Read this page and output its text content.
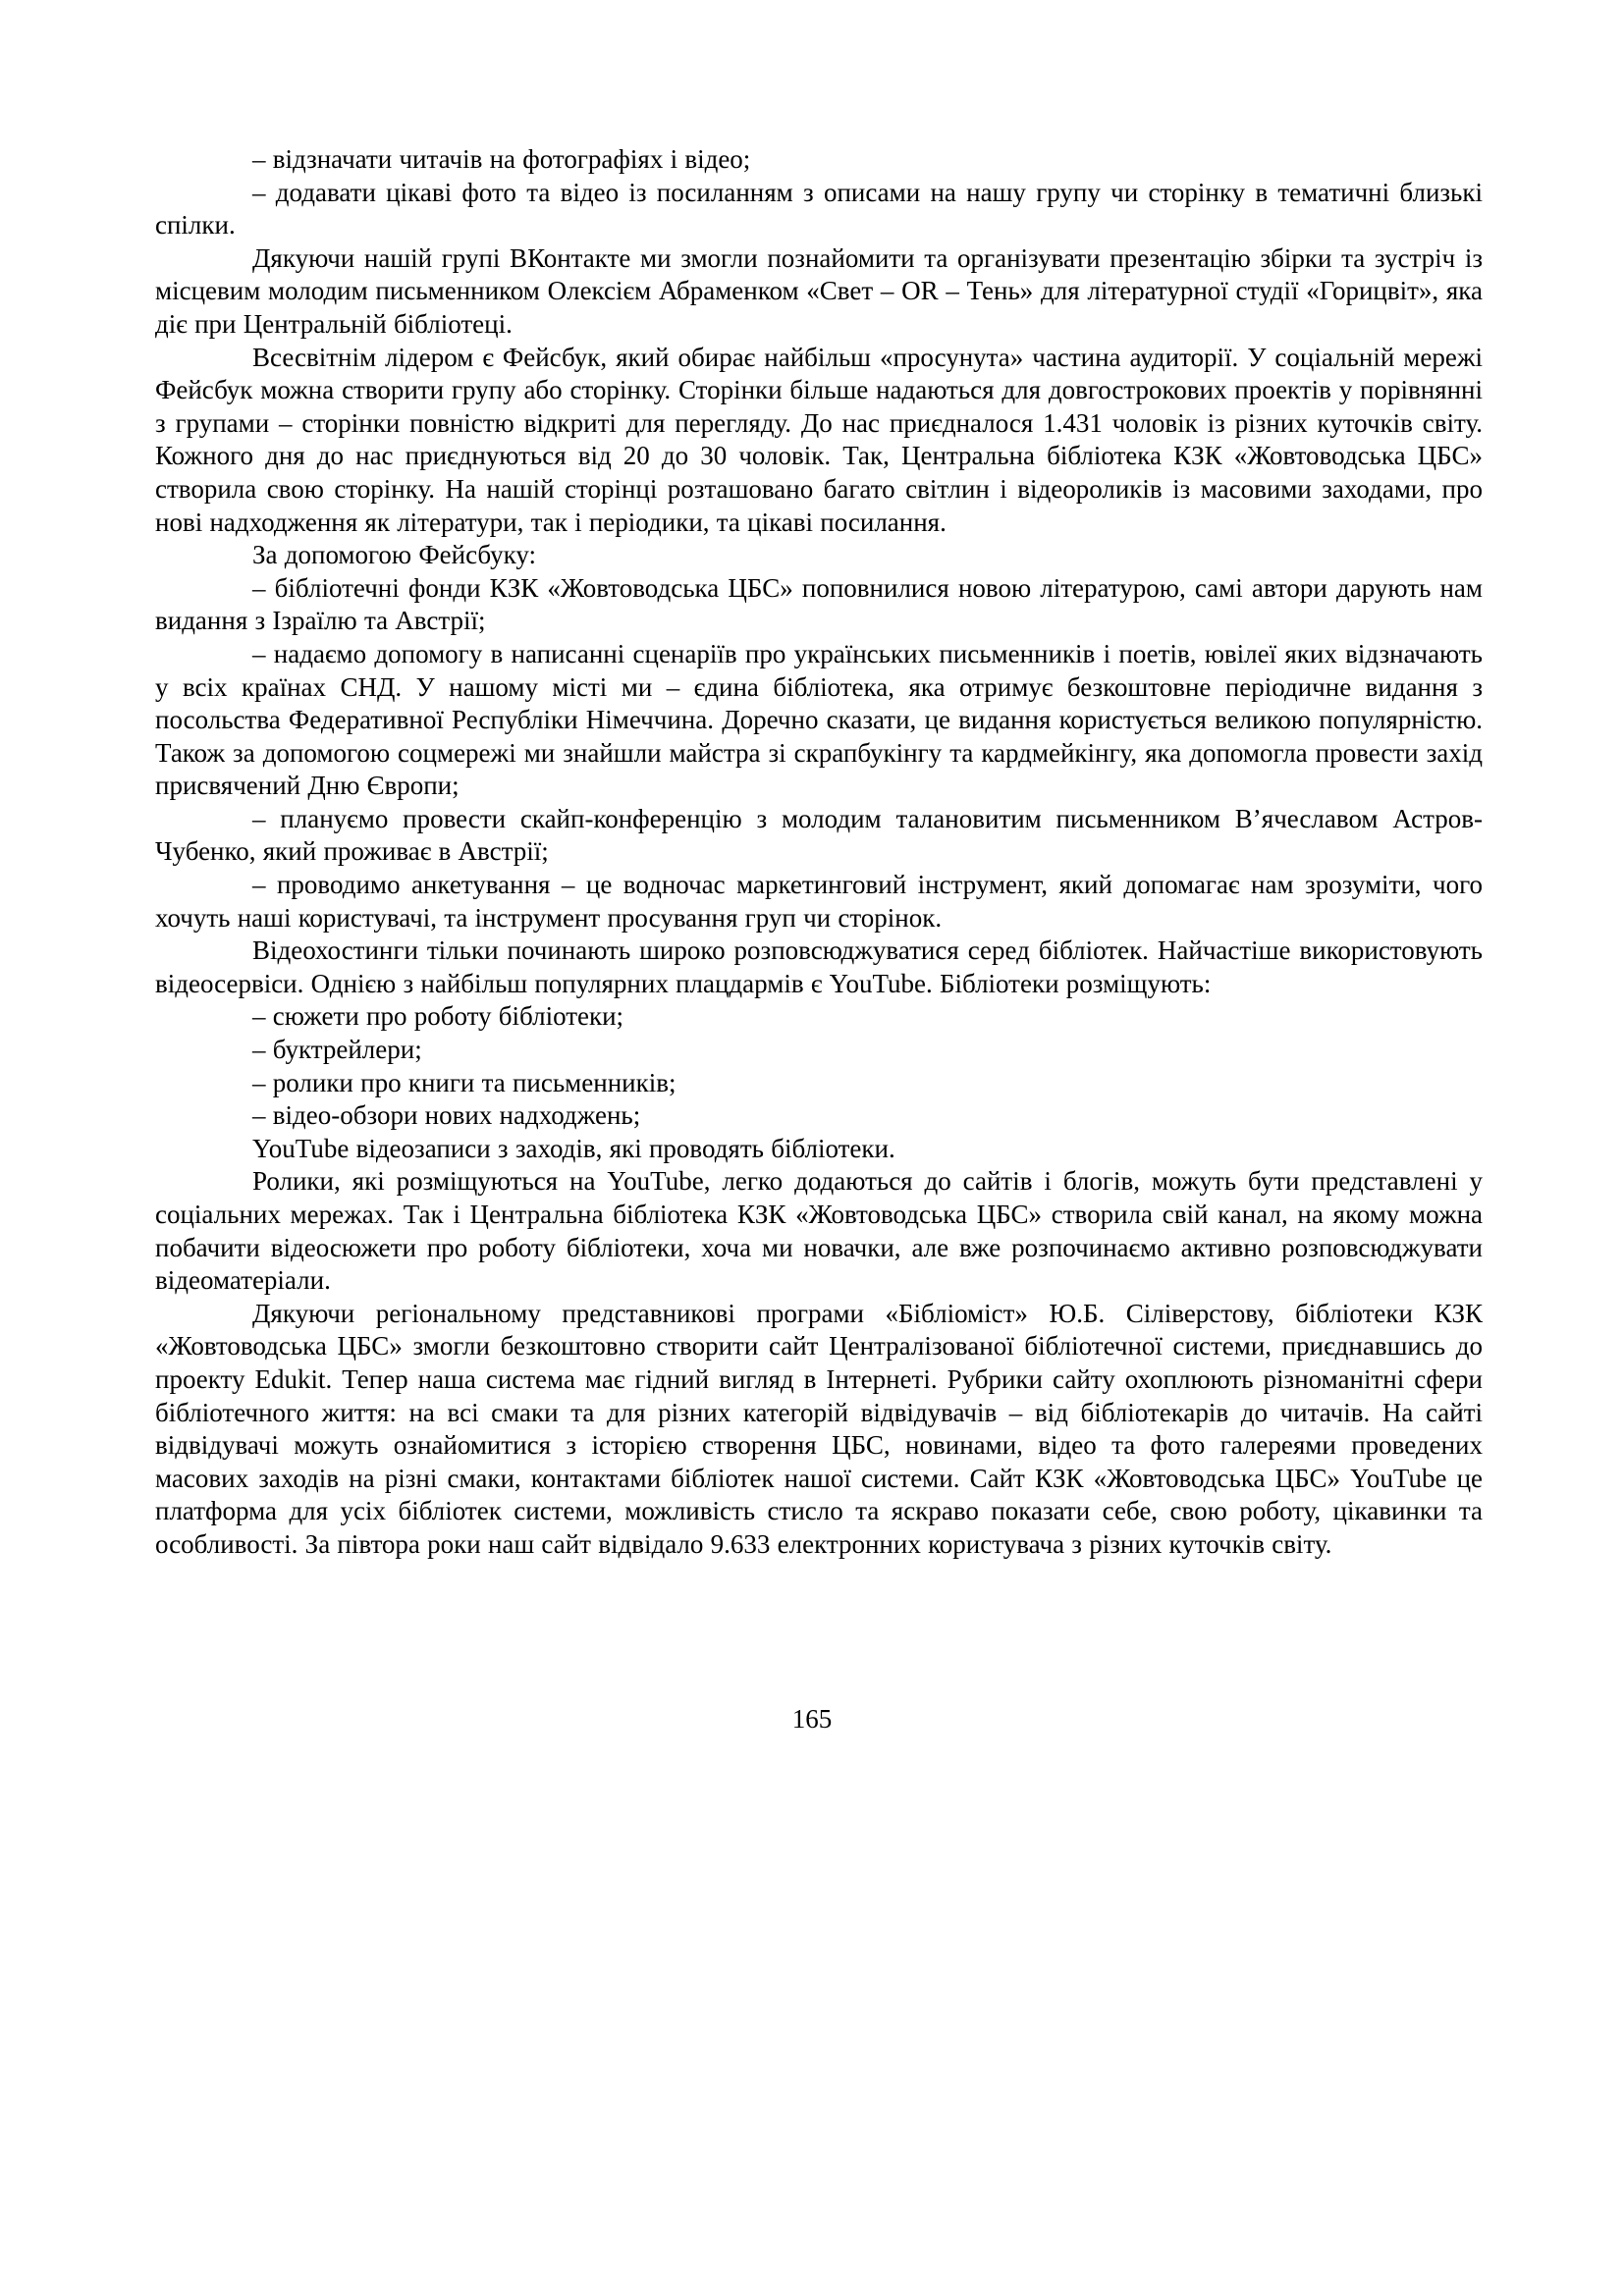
– відзначати читачів на фотографіях і відео;

– додавати цікаві фото та відео із посиланням з описами на нашу групу чи сторінку в тематичні близькі спілки.

Дякуючи нашій групі ВКонтакте ми змогли познайомити та організувати презентацію збірки та зустріч із місцевим молодим письменником Олексієм Абраменком «Свет – OR – Тень» для літературної студії «Горицвіт», яка діє при Центральній бібліотеці.

Всесвітнім лідером є Фейсбук, який обирає найбільш «просунута» частина аудиторії. У соціальній мережі Фейсбук можна створити групу або сторінку. Сторінки більше надаються для довгострокових проектів у порівнянні з групами – сторінки повністю відкриті для перегляду. До нас приєдналося 1.431 чоловік із різних куточків світу. Кожного дня до нас приєднуються від 20 до 30 чоловік. Так, Центральна бібліотека КЗК «Жовтоводська ЦБС» створила свою сторінку. На нашій сторінці розташовано багато світлин і відеороликів із масовими заходами, про нові надходження як літератури, так і періодики, та цікаві посилання.

За допомогою Фейсбуку:

– бібліотечні фонди КЗК «Жовтоводська ЦБС» поповнилися новою літературою, самі автори дарують нам видання з Ізраїлю та Австрії;

– надаємо допомогу в написанні сценаріїв про українських письменників і поетів, ювілеї яких відзначають у всіх країнах СНД. У нашому місті ми – єдина бібліотека, яка отримує безкоштовне періодичне видання з посольства Федеративної Республіки Німеччина. Доречно сказати, це видання користується великою популярністю. Також за допомогою соцмережі ми знайшли майстра зі скрапбукінгу та кардмейкінгу, яка допомогла провести захід присвячений Дню Європи;

– плануємо провести скайп-конференцію з молодим талановитим письменником В’ячеславом Астров-Чубенко, який проживає в Австрії;

– проводимо анкетування – це водночас маркетинговий інструмент, який допомагає нам зрозуміти, чого хочуть наші користувачі, та інструмент просування груп чи сторінок.

Відеохостинги тільки починають широко розповсюджуватися серед бібліотек. Найчастіше використовують відеосервіси. Однією з найбільш популярних плацдармів є YouTube. Бібліотеки розміщують:

– сюжети про роботу бібліотеки;

– буктрейлери;

– ролики про книги та письменників;

– відео-обзори нових надходжень;

YouTube відеозаписи з заходів, які проводять бібліотеки.

Ролики, які розміщуються на YouTube, легко додаються до сайтів і блогів, можуть бути представлені у соціальних мережах. Так і Центральна бібліотека КЗК «Жовтоводська ЦБС» створила свій канал, на якому можна побачити відеосюжети про роботу бібліотеки, хоча ми новачки, але вже розпочинаємо активно розповсюджувати відеоматеріали.

Дякуючи регіональному представникові програми «Бібліоміст» Ю.Б. Сіліверстову, бібліотеки КЗК «Жовтоводська ЦБС» змогли безкоштовно створити сайт Централізованої бібліотечної системи, приєднавшись до проекту Edukit. Тепер наша система має гідний вигляд в Інтернеті. Рубрики сайту охоплюють різноманітні сфери бібліотечного життя: на всі смаки та для різних категорій відвідувачів – від бібліотекарів до читачів. На сайті відвідувачі можуть ознайомитися з історією створення ЦБС, новинами, відео та фото галереями проведених масових заходів на різні смаки, контактами бібліотек нашої системи. Сайт КЗК «Жовтоводська ЦБС» YouTube це платформа для усіх бібліотек системи, можливість стисло та яскраво показати себе, свою роботу, цікавинки та особливості. За півтора роки наш сайт відвідало 9.633 електронних користувача з різних куточків світу.

165
